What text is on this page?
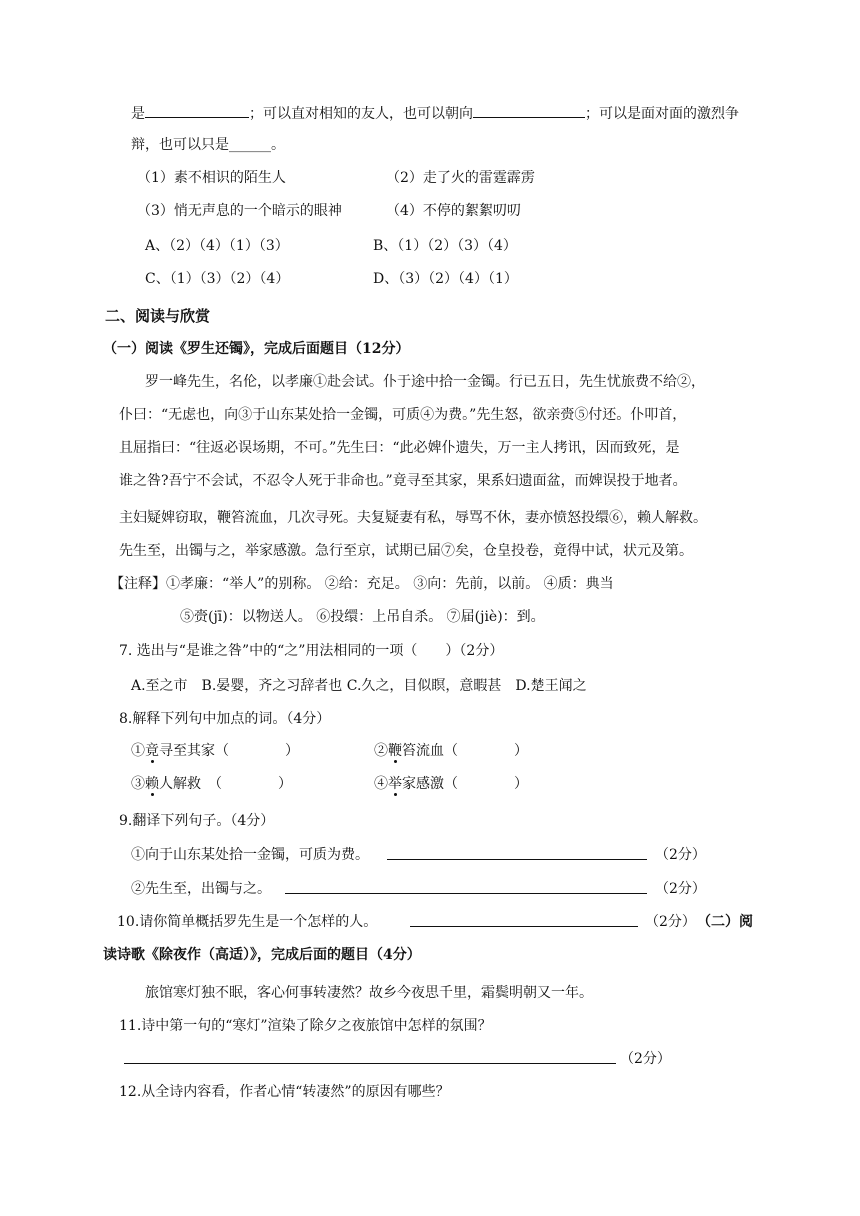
是	；可以直对相知的友人，也可以朝向	；可以是面对面的激烈争
辩，也可以只是______。
（1）素不相识的陌生人	（2）走了火的雷霆霹雳
（3）悄无声息的一个暗示的眼神	（4）不停的絮絮叨叨
A、（2）（4）（1）（3）	B、（1）（2）（3）（4）
C、（1）（3）（2）（4）	D、（3）（2）（4）（1）
二、阅读与欣赏
（一）阅读《罗生还镯》，完成后面题目（12分）
罗一峰先生，名伦，以孝廉①赴会试。仆于途中拾一金镯。行已五日，先生忧旅费不给②，
仆曰：“无虑也，向③于山东某处拾一金镯，可质④为费。”先生怒，欲亲赍⑤付还。仆叩首，
且屈指曰：“往返必误场期，不可。”先生曰：“此必婢仆遗失，万一主人拷讯，因而致死，是
谁之咎?吾宁不会试，不忍令人死于非命也。”竟寻至其家，果系妇遗面盆，而婢误投于地者。
主妇疑婢窃取，鞭笞流血，几次寻死。夫复疑妻有私，辱骂不休，妻亦愤怒投缳⑥，赖人解救。
先生至，出镯与之，举家感激。急行至京，试期已届⑦矣，仓皇投卷，竟得中试，状元及第。
【注释】①孝廉：“举人”的别称。 ②给：充足。 ③向：先前，以前。 ④质：典当
⑤赍(jī)：以物送人。 ⑥投缳：上吊自杀。 ⑦届(jiè)：到。
7. 选出与“是谁之咎”中的“之”用法相同的一项（　　）（2分）
A.至之市　B.晏婴，齐之习辞者也 C.久之，目似瞑，意暇甚　D.楚王闻之
8.解释下列句中加点的词。（4分）
①竟寻至其家（　　　　）	②鞭笞流血（　　　　）
③赖人解救　（　　　　）	④举家感激（　　　　）
9.翻译下列句子。（4分）
①向于山东某处拾一金镯，可质为费。	（2分）
②先生至，出镯与之。	（2分）
10.请你简单概括罗先生是一个怎样的人。	（2分） （二）阅
读诗歌《除夜作（高适）》，完成后面的题目（4分）
旅馆寒灯独不眠，客心何事转凄然？故乡今夜思千里，霜鬓明朝又一年。
11.诗中第一句的“寒灯”渲染了除夕之夜旅馆中怎样的氛围？
（2分）
12.从全诗内容看，作者心情“转凄然”的原因有哪些？
